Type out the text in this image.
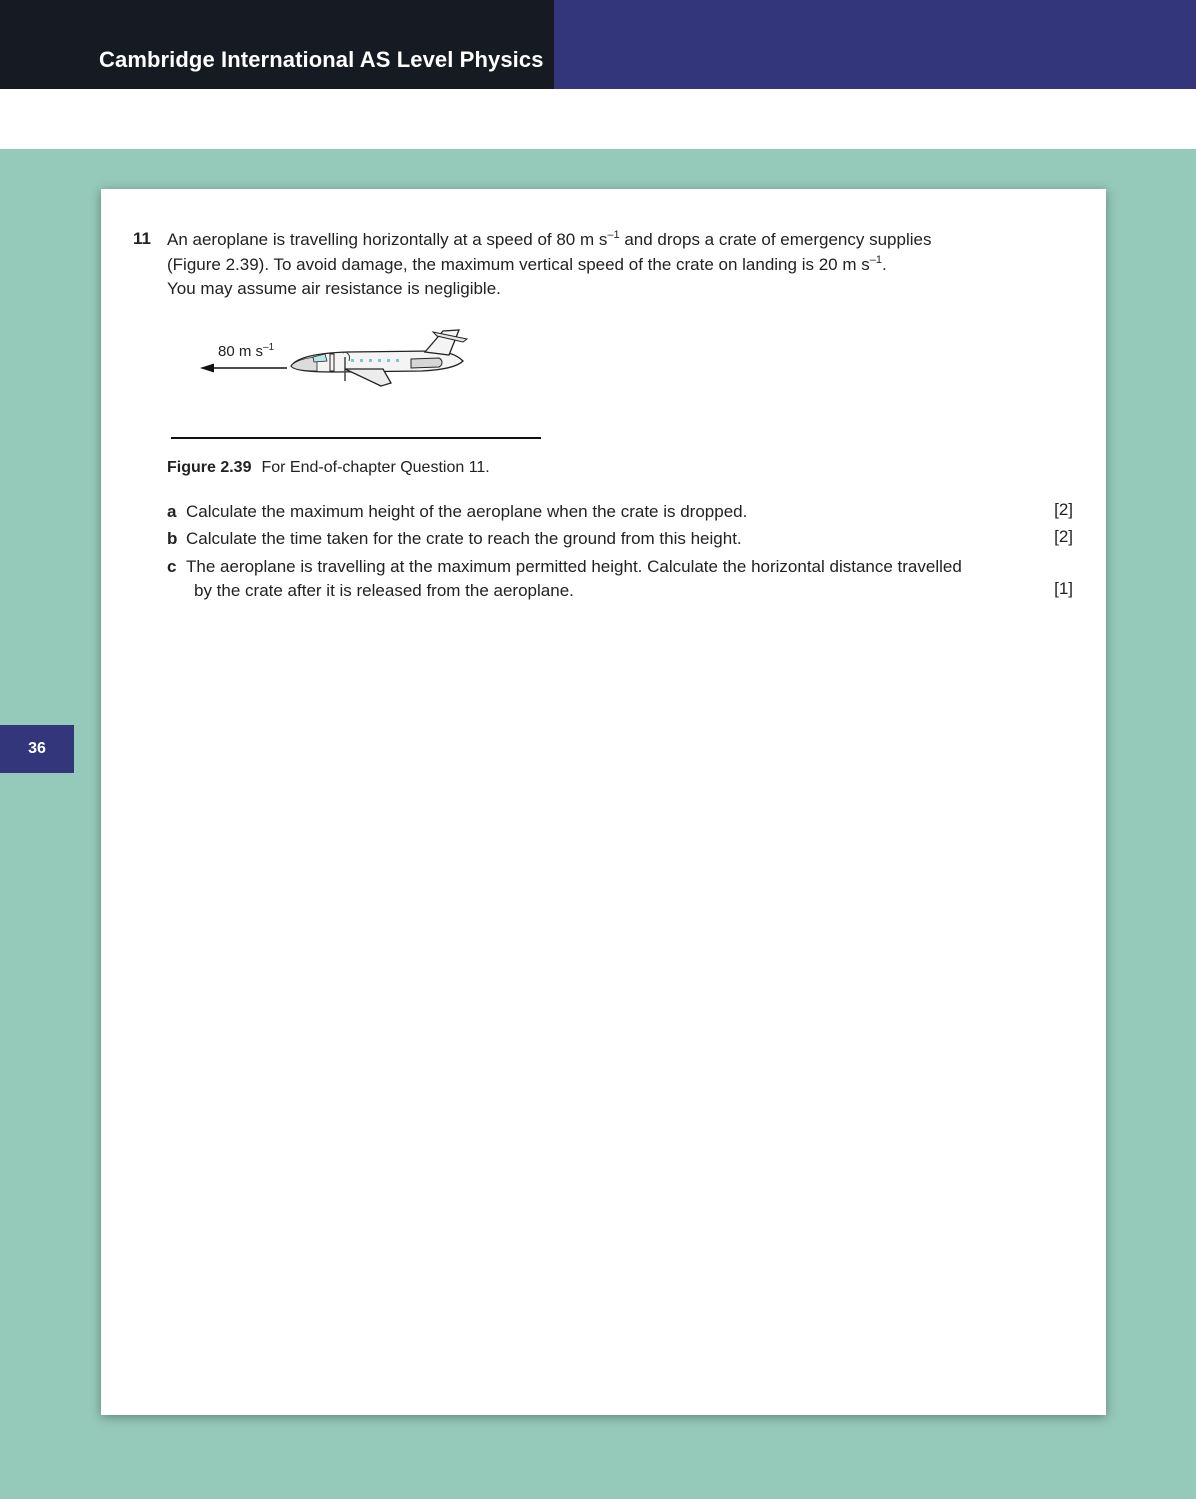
Cambridge International AS Level Physics
36
11 An aeroplane is travelling horizontally at a speed of 80 m $s^{-1}$ and drops a crate of emergency supplies
(Figure 2.39). To avoid damage, the maximum vertical speed of the crate on landing is 20 m $s^{-1}$.
You may assume air resistance is negligible.
80 m $s^{-1}$
Figure 2.39 For End-of-chapter Question 11.
a Calculate the maximum height of the aeroplane when the crate is dropped.	[2]
b Calculate the time taken for the crate to reach the ground from this height.	[2]
c The aeroplane is travelling at the maximum permitted height. Calculate the horizontal distance travelled
by the crate after it is released from the aeroplane.	[1]
